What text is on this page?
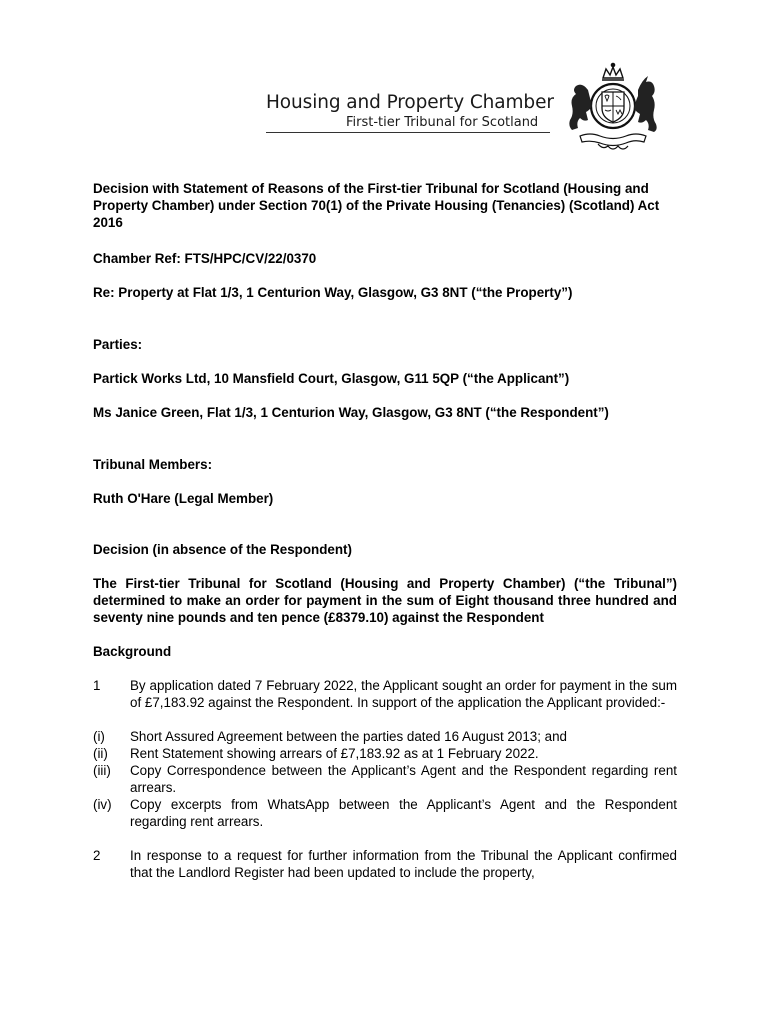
Housing and Property Chamber
First-tier Tribunal for Scotland

Decision with Statement of Reasons of the First-tier Tribunal for Scotland (Housing and Property Chamber) under Section 70(1) of the Private Housing (Tenancies) (Scotland) Act 2016

Chamber Ref: FTS/HPC/CV/22/0370

Re: Property at Flat 1/3, 1 Centurion Way, Glasgow, G3 8NT (“the Property”)

Parties:

Partick Works Ltd, 10 Mansfield Court, Glasgow, G11 5QP (“the Applicant”)

Ms Janice Green, Flat 1/3, 1 Centurion Way, Glasgow, G3 8NT (“the Respondent”)

Tribunal Members:

Ruth O'Hare (Legal Member)

Decision (in absence of the Respondent)

The First-tier Tribunal for Scotland (Housing and Property Chamber) (“the Tribunal”) determined to make an order for payment in the sum of Eight thousand three hundred and seventy nine pounds and ten pence (£8379.10) against the Respondent

Background

1	By application dated 7 February 2022, the Applicant sought an order for payment in the sum of £7,183.92 against the Respondent. In support of the application the Applicant provided:-
(i)	Short Assured Agreement between the parties dated 16 August 2013; and
(ii)	Rent Statement showing arrears of £7,183.92 as at 1 February 2022.
(iii)	Copy Correspondence between the Applicant’s Agent and the Respondent regarding rent arrears.
(iv)	Copy excerpts from WhatsApp between the Applicant’s Agent and the Respondent regarding rent arrears.
2	In response to a request for further information from the Tribunal the Applicant confirmed that the Landlord Register had been updated to include the property,
